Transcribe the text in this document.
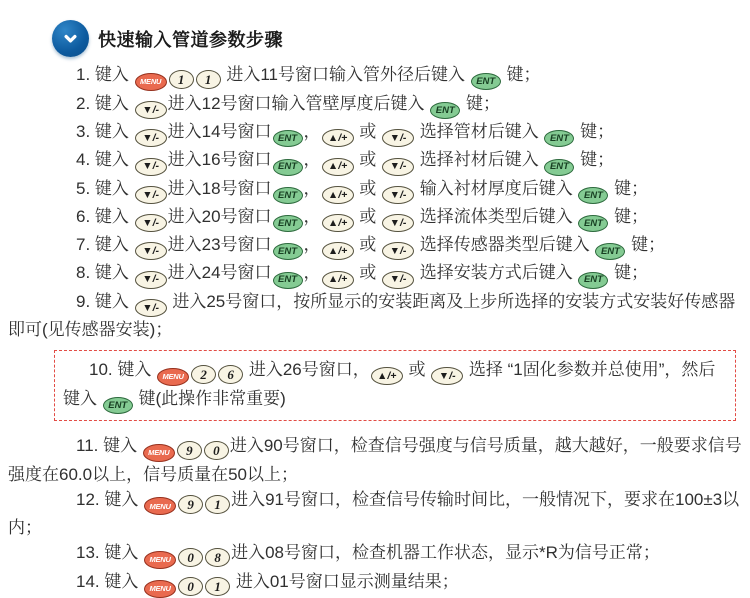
快速输入管道参数步骤

1. 键入 MENU 1 1 进入11号窗口输入管外径后键入 ENT 键；

2. 键入 ▼/- 进入12号窗口输入管壁厚度后键入 ENT 键；

3. 键入 ▼/- 进入14号窗口 ENT ， ▲/+ 或 ▼/- 选择管材后键入 ENT 键；

4. 键入 ▼/- 进入16号窗口 ENT ， ▲/+ 或 ▼/- 选择衬材后键入 ENT 键；

5. 键入 ▼/- 进入18号窗口 ENT ， ▲/+ 或 ▼/- 输入衬材厚度后键入 ENT 键；

6. 键入 ▼/- 进入20号窗口 ENT ， ▲/+ 或 ▼/- 选择流体类型后键入 ENT 键；

7. 键入 ▼/- 进入23号窗口 ENT ， ▲/+ 或 ▼/- 选择传感器类型后键入 ENT 键；

8. 键入 ▼/- 进入24号窗口 ENT ， ▲/+ 或 ▼/- 选择安装方式后键入 ENT 键；

9. 键入 ▼/- 进入25号窗口，按所显示的安装距离及上步所选择的安装方式安装好传感器即可(见传感器安装)；

10. 键入 MENU 2 6 进入26号窗口， ▲/+ 或 ▼/- 选择 “1固化参数并总使用”，然后键入 ENT 键(此操作非常重要)

11. 键入 MENU 9 0 进入90号窗口，检查信号强度与信号质量，越大越好，一般要求信号强度在60.0以上，信号质量在50以上；

12. 键入 MENU 9 1 进入91号窗口，检查信号传输时间比，一般情况下，要求在100±3以内；

13. 键入 MENU 0 8 进入08号窗口，检查机器工作状态，显示*R为信号正常；

14. 键入 MENU 0 1 进入01号窗口显示测量结果；
